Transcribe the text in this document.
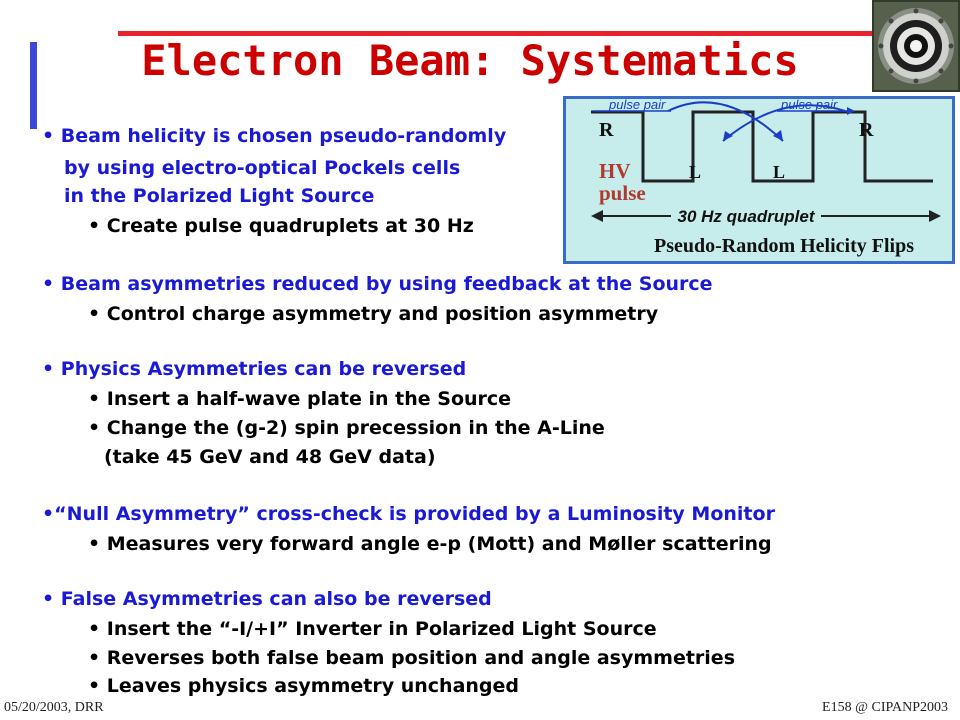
Electron Beam: Systematics
pulse pair	pulse pair
R	R
L	L
HV
pulse
30 Hz quadruplet
Pseudo-Random Helicity Flips
• Beam helicity is chosen pseudo-randomly
by using electro-optical Pockels cells
in the Polarized Light Source
• Create pulse quadruplets at 30 Hz
• Beam asymmetries reduced by using feedback at the Source
• Control charge asymmetry and position asymmetry
• Physics Asymmetries can be reversed
• Insert a half-wave plate in the Source
• Change the (g-2) spin precession in the A-Line
(take 45 GeV and 48 GeV data)
•“Null Asymmetry” cross-check is provided by a Luminosity Monitor
• Measures very forward angle e-p (Mott) and Møller scattering
• False Asymmetries can also be reversed
• Insert the “-I/+I” Inverter in Polarized Light Source
• Reverses both false beam position and angle asymmetries
• Leaves physics asymmetry unchanged
05/20/2003, DRR	E158 @ CIPANP2003
